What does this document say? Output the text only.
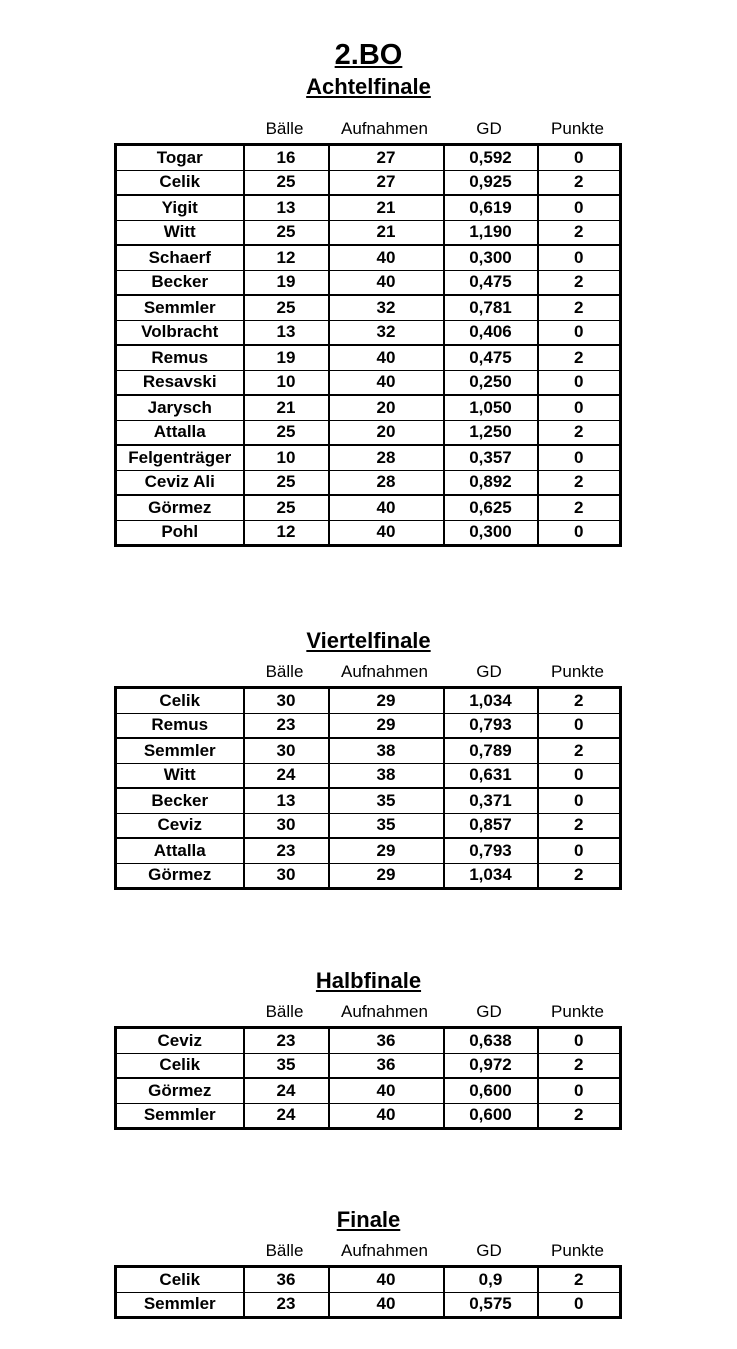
2.BO
Achtelfinale
Bälle	Aufnahmen	GD	Punkte
Togar	16	27	0,592	0
Celik	25	27	0,925	2
Yigit	13	21	0,619	0
Witt	25	21	1,190	2
Schaerf	12	40	0,300	0
Becker	19	40	0,475	2
Semmler	25	32	0,781	2
Volbracht	13	32	0,406	0
Remus	19	40	0,475	2
Resavski	10	40	0,250	0
Jarysch	21	20	1,050	0
Attalla	25	20	1,250	2
Felgenträger	10	28	0,357	0
Ceviz Ali	25	28	0,892	2
Görmez	25	40	0,625	2
Pohl	12	40	0,300	0
Viertelfinale
Bälle	Aufnahmen	GD	Punkte
Celik	30	29	1,034	2
Remus	23	29	0,793	0
Semmler	30	38	0,789	2
Witt	24	38	0,631	0
Becker	13	35	0,371	0
Ceviz	30	35	0,857	2
Attalla	23	29	0,793	0
Görmez	30	29	1,034	2
Halbfinale
Bälle	Aufnahmen	GD	Punkte
Ceviz	23	36	0,638	0
Celik	35	36	0,972	2
Görmez	24	40	0,600	0
Semmler	24	40	0,600	2
Finale
Bälle	Aufnahmen	GD	Punkte
Celik	36	40	0,9	2
Semmler	23	40	0,575	0
